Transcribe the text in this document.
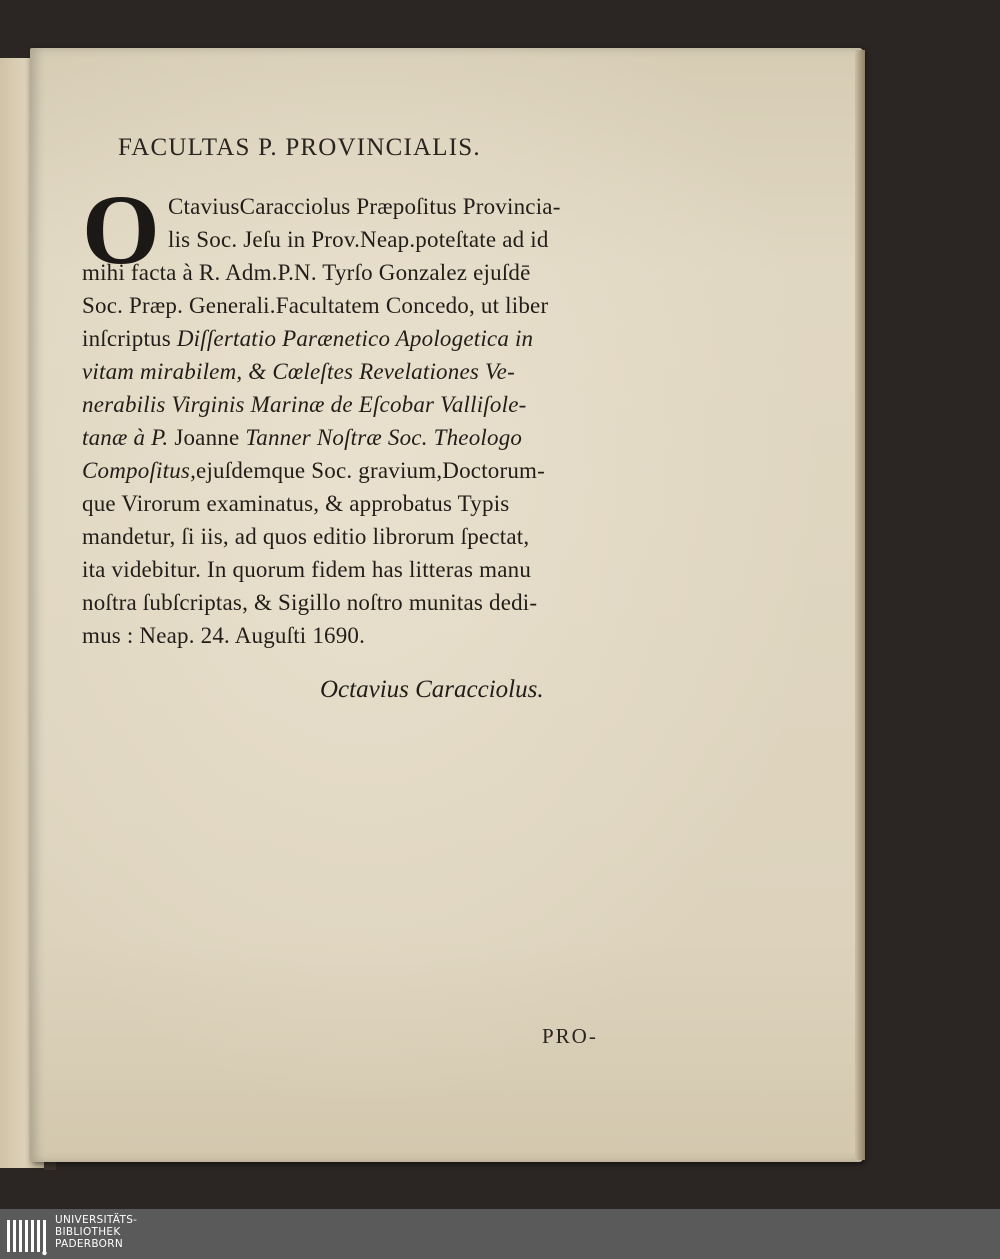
FACULTAS P. PROVINCIALIS.
O CtaviusCaracciolus Præpoſitus Provincia-
lis Soc. Jeſu in Prov.Neap.poteſtate ad id
mihi facta à R. Adm.P.N. Tyrſo Gonzalez ejuſdē
Soc. Præp. Generali.Facultatem Concedo, ut liber
inſcriptus Diſſertatio Parænetico Apologetica in
vitam mirabilem, & Cœleſtes Revelationes Ve-
nerabilis Virginis Marinæ de Eſcobar Valliſole-
tanæ à P. Joanne Tanner Noſtræ Soc. Theologo
Compoſitus,ejuſdemque Soc. gravium,Doctorum-
que Virorum examinatus, & approbatus Typis
mandetur, ſi iis, ad quos editio librorum ſpectat,
ita videbitur. In quorum fidem has litteras manu
noſtra ſubſcriptas, & Sigillo noſtro munitas dedi-
mus : Neap. 24. Auguſti 1690.
Octavius Caracciolus.
PRO-
UNIVERSITÄTS-
BIBLIOTHEK
PADERBORN
